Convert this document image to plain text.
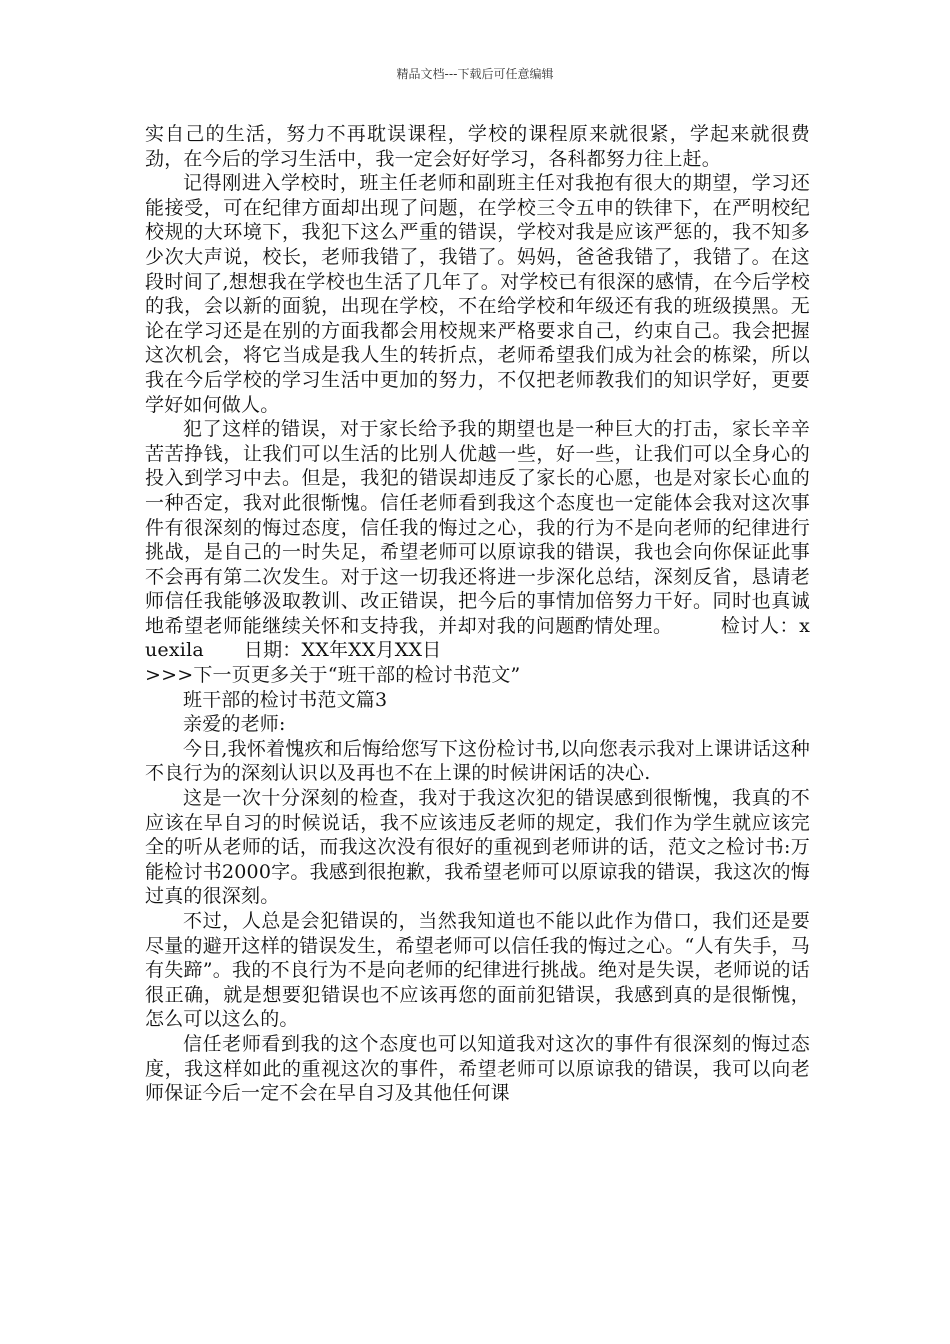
精品文档---下载后可任意编辑

实自己的生活，努力不再耽误课程，学校的课程原来就很紧，学起来就很费劲，在今后的学习生活中，我一定会好好学习，各科都努力往上赶。

记得刚进入学校时，班主任老师和副班主任对我抱有很大的期望，学习还能接受，可在纪律方面却出现了问题，在学校三令五申的铁律下，在严明校纪校规的大环境下，我犯下这么严重的错误，学校对我是应该严惩的，我不知多少次大声说，校长，老师我错了，我错了。妈妈，爸爸我错了，我错了。在这段时间了,想想我在学校也生活了几年了。对学校已有很深的感情，在今后学校的我，会以新的面貌，出现在学校，不在给学校和年级还有我的班级摸黑。无论在学习还是在别的方面我都会用校规来严格要求自己，约束自己。我会把握这次机会，将它当成是我人生的转折点，老师希望我们成为社会的栋梁，所以我在今后学校的学习生活中更加的努力，不仅把老师教我们的知识学好，更要学好如何做人。

犯了这样的错误，对于家长给予我的期望也是一种巨大的打击，家长辛辛苦苦挣钱，让我们可以生活的比别人优越一些，好一些，让我们可以全身心的投入到学习中去。但是，我犯的错误却违反了家长的心愿，也是对家长心血的一种否定，我对此很惭愧。信任老师看到我这个态度也一定能体会我对这次事件有很深刻的悔过态度，信任我的悔过之心，我的行为不是向老师的纪律进行挑战，是自己的一时失足，希望老师可以原谅我的错误，我也会向你保证此事不会再有第二次发生。对于这一切我还将进一步深化总结，深刻反省，恳请老师信任我能够汲取教训、改正错误，把今后的事情加倍努力干好。同时也真诚地希望老师能继续关怀和支持我，并却对我的问题酌情处理。	检讨人：xuexila 日期：XX年XX月XX日

>>>下一页更多关于“班干部的检讨书范文”

班干部的检讨书范文篇3

亲爱的老师:

今日,我怀着愧疚和后悔给您写下这份检讨书,以向您表示我对上课讲话这种不良行为的深刻认识以及再也不在上课的时候讲闲话的决心.

这是一次十分深刻的检查，我对于我这次犯的错误感到很惭愧，我真的不应该在早自习的时候说话，我不应该违反老师的规定，我们作为学生就应该完全的听从老师的话，而我这次没有很好的重视到老师讲的话，范文之检讨书:万能检讨书2000字。我感到很抱歉，我希望老师可以原谅我的错误，我这次的悔过真的很深刻。

不过，人总是会犯错误的，当然我知道也不能以此作为借口，我们还是要尽量的避开这样的错误发生，希望老师可以信任我的悔过之心。“人有失手，马有失蹄”。我的不良行为不是向老师的纪律进行挑战。绝对是失误，老师说的话很正确，就是想要犯错误也不应该再您的面前犯错误，我感到真的是很惭愧，怎么可以这么的。

信任老师看到我的这个态度也可以知道我对这次的事件有很深刻的悔过态度，我这样如此的重视这次的事件，希望老师可以原谅我的错误，我可以向老师保证今后一定不会在早自习及其他任何课
